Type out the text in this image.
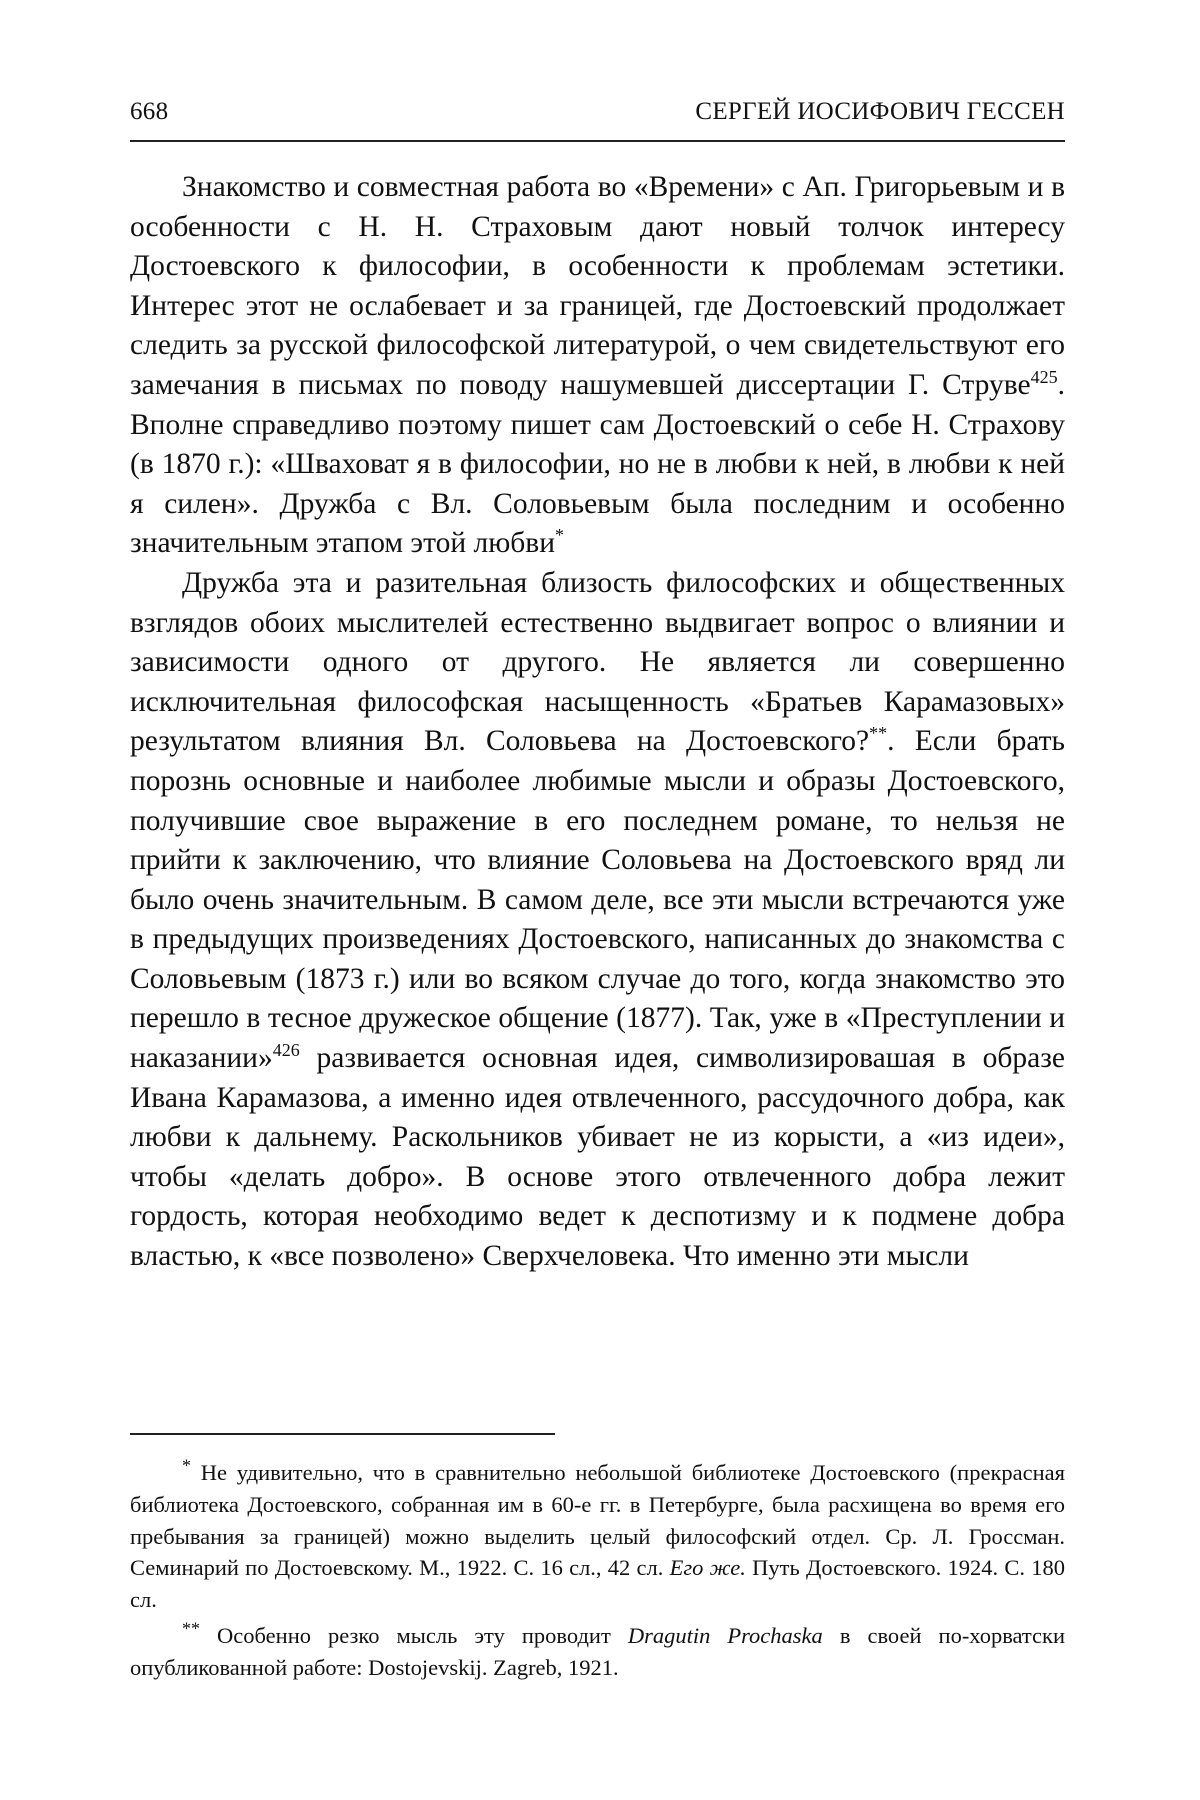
668	СЕРГЕЙ ИОСИФОВИЧ ГЕССЕН

Знакомство и совместная работа во «Времени» с Ап. Григорьевым и в особенности с Н. Н. Страховым дают новый толчок интересу Достоевского к философии, в особенности к проблемам эстетики. Интерес этот не ослабевает и за границей, где Достоевский продолжает следить за русской философской литературой, о чем свидетельствуют его замечания в письмах по поводу нашумевшей диссертации Г. Струве$^{425}$. Вполне справедливо поэтому пишет сам Достоевский о себе Н. Страхову (в 1870 г.): «Шваховат я в философии, но не в любви к ней, в любви к ней я силен». Дружба с Вл. Соловьевым была последним и особенно значительным этапом этой любви*

Дружба эта и разительная близость философских и общественных взглядов обоих мыслителей естественно выдвигает вопрос о влиянии и зависимости одного от другого. Не является ли совершенно исключительная философская насыщенность «Братьев Карамазовых» результатом влияния Вл. Соловьева на Достоевского?**. Если брать порознь основные и наиболее любимые мысли и образы Достоевского, получившие свое выражение в его последнем романе, то нельзя не прийти к заключению, что влияние Соловьева на Достоевского вряд ли было очень значительным. В самом деле, все эти мысли встречаются уже в предыдущих произведениях Достоевского, написанных до знакомства с Соловьевым (1873 г.) или во всяком случае до того, когда знакомство это перешло в тесное дружеское общение (1877). Так, уже в «Преступлении и наказании»$^{426}$ развивается основная идея, символизировашая в образе Ивана Карамазова, а именно идея отвлеченного, рассудочного добра, как любви к дальнему. Раскольников убивает не из корысти, а «из идеи», чтобы «делать добро». В основе этого отвлеченного добра лежит гордость, которая необходимо ведет к деспотизму и к подмене добра властью, к «все позволено» Сверхчеловека. Что именно эти мысли

* Не удивительно, что в сравнительно небольшой библиотеке Достоевского (прекрасная библиотека Достоевского, собранная им в 60-е гг. в Петербурге, была расхищена во время его пребывания за границей) можно выделить целый философский отдел. Ср. Л. Гроссман. Семинарий по Достоевскому. М., 1922. С. 16 сл., 42 сл. Его же. Путь Достоевского. 1924. С. 180 сл.

** Особенно резко мысль эту проводит Dragutin Prochaska в своей по-хорватски опубликованной работе: Dostojevskij. Zagreb, 1921.
